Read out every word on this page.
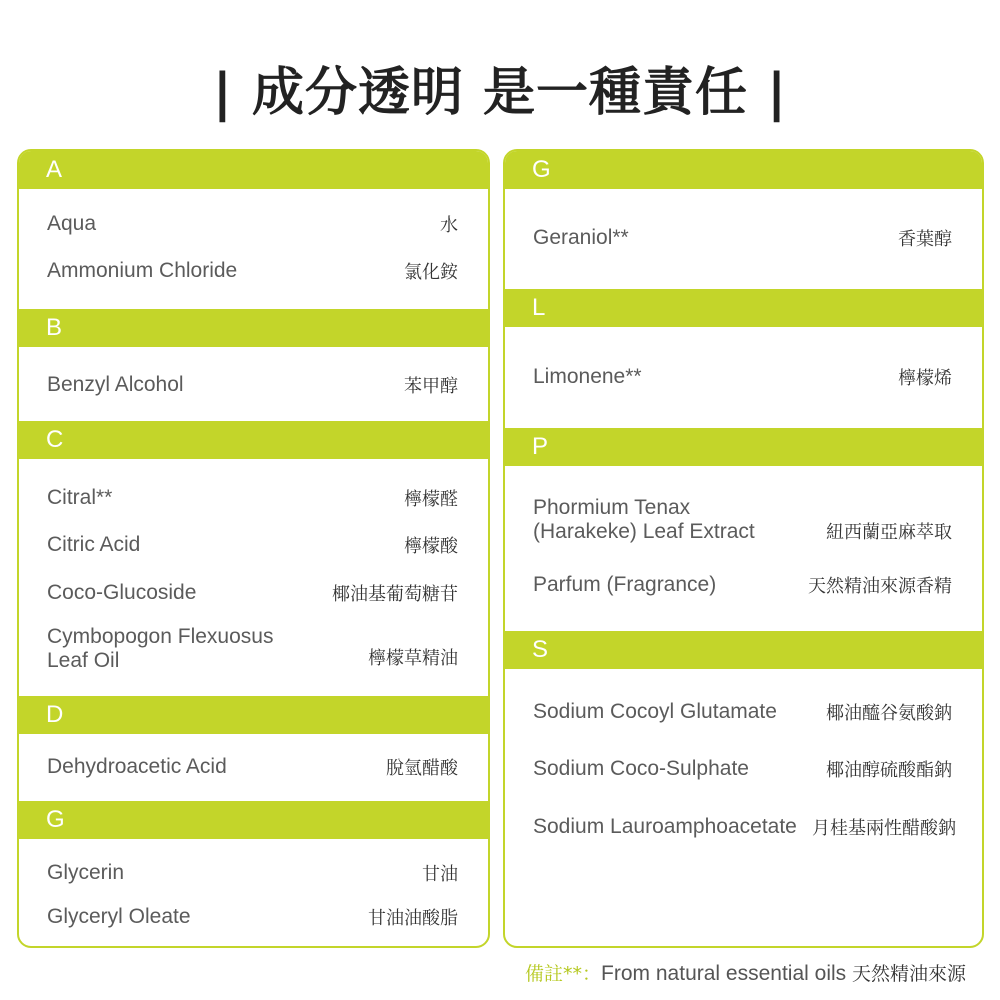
| 成分透明 是一種責任 |
A
Aqua	水
Ammonium Chloride	氯化銨
B
Benzyl Alcohol	苯甲醇
C
Citral**	檸檬醛
Citric Acid	檸檬酸
Coco-Glucoside	椰油基葡萄糖苷
Cymbopogon Flexuosus
Leaf Oil	檸檬草精油
D
Dehydroacetic Acid	脫氫醋酸
G
Glycerin	甘油
Glyceryl Oleate	甘油油酸脂
G
Geraniol**	香葉醇
L
Limonene**	檸檬烯
P
Phormium Tenax
(Harakeke) Leaf Extract	紐西蘭亞麻萃取
Parfum (Fragrance)	天然精油來源香精
S
Sodium Cocoyl Glutamate	椰油醯谷氨酸鈉
Sodium Coco-Sulphate	椰油醇硫酸酯鈉
Sodium Lauroamphoacetate 月桂基兩性醋酸鈉
備註**：From natural essential oils 天然精油來源
